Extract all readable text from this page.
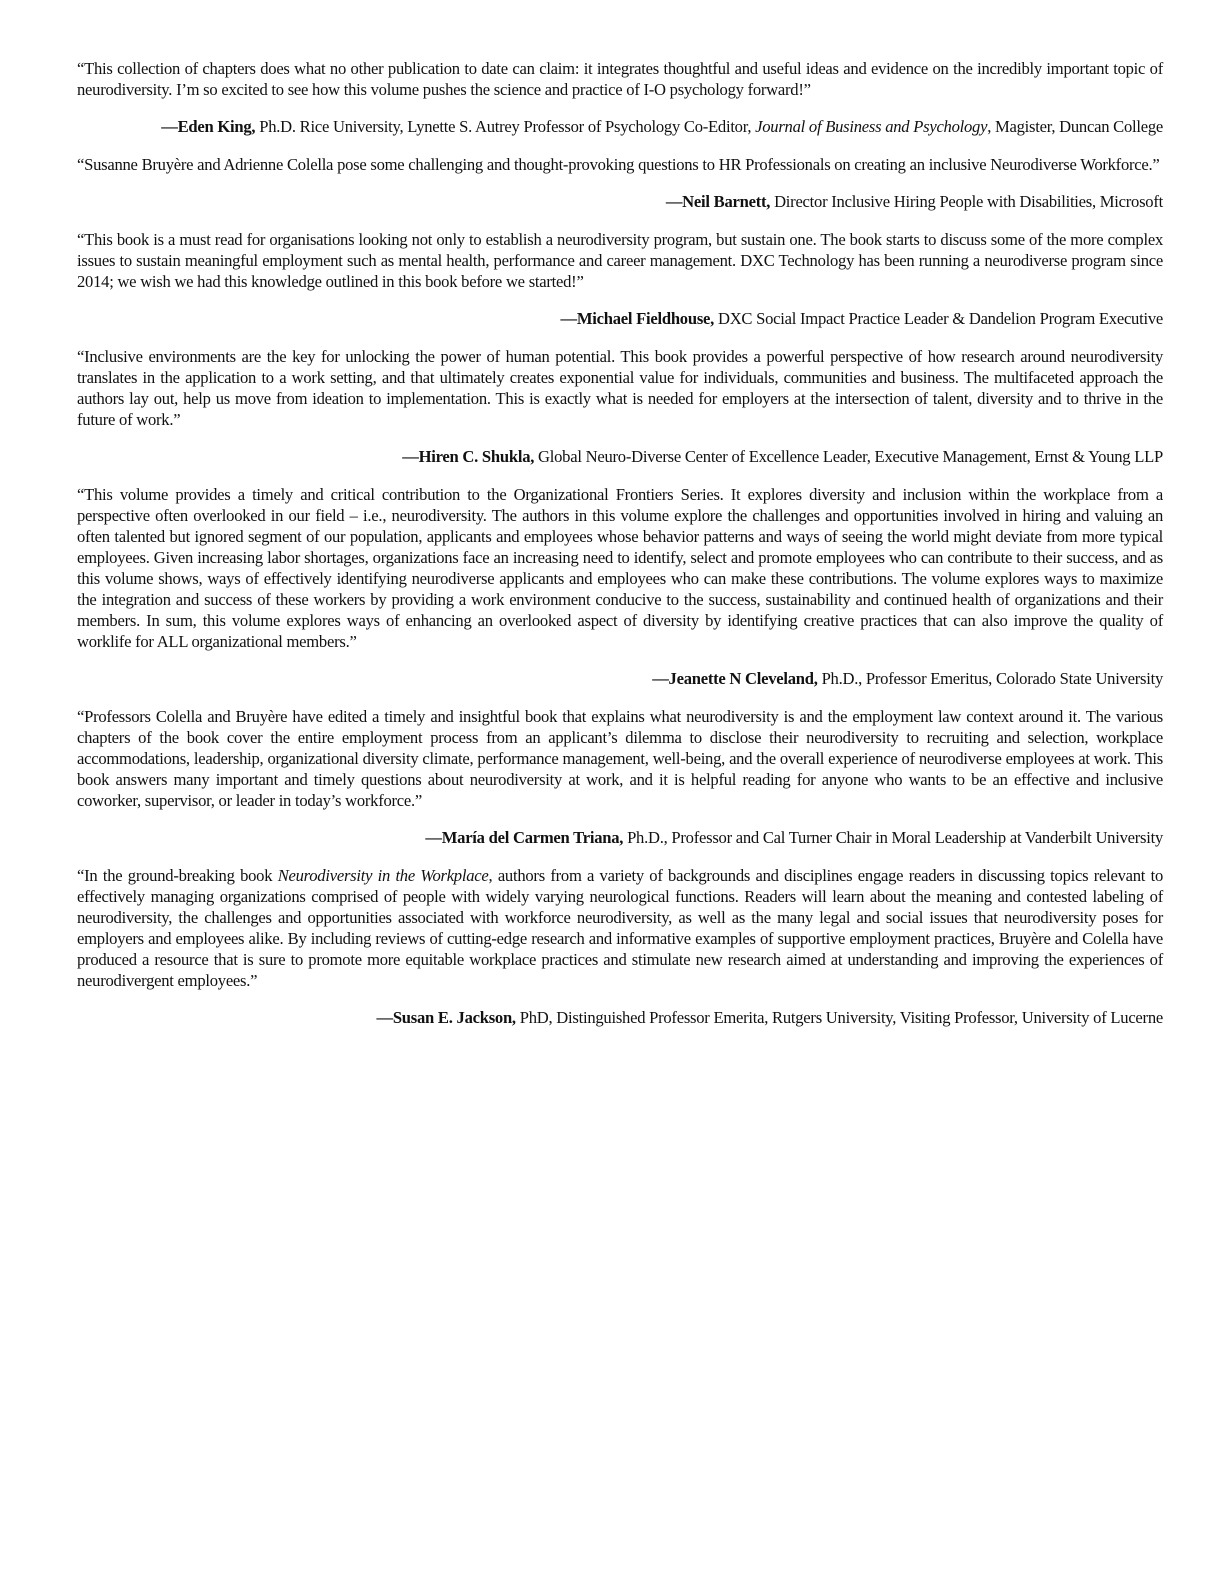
“This collection of chapters does what no other publication to date can claim: it integrates thoughtful and useful ideas and evidence on the incredibly important topic of neurodiversity. I’m so excited to see how this volume pushes the science and practice of I-O psychology forward!”

—Eden King, Ph.D. Rice University, Lynette S. Autrey Professor of Psychology Co-Editor, Journal of Business and Psychology, Magister, Duncan College

“Susanne Bruyère and Adrienne Colella pose some challenging and thought-provoking questions to HR Professionals on creating an inclusive Neurodiverse Workforce.”

—Neil Barnett, Director Inclusive Hiring People with Disabilities, Microsoft

“This book is a must read for organisations looking not only to establish a neurodiversity program, but sustain one. The book starts to discuss some of the more complex issues to sustain meaningful employment such as mental health, performance and career management. DXC Technology has been running a neurodiverse program since 2014; we wish we had this knowledge outlined in this book before we started!”

—Michael Fieldhouse, DXC Social Impact Practice Leader & Dandelion Program Executive

“Inclusive environments are the key for unlocking the power of human potential. This book provides a powerful perspective of how research around neurodiversity translates in the application to a work setting, and that ultimately creates exponential value for individuals, communities and business. The multifaceted approach the authors lay out, help us move from ideation to implementation. This is exactly what is needed for employers at the intersection of talent, diversity and to thrive in the future of work.”

—Hiren C. Shukla, Global Neuro-Diverse Center of Excellence Leader, Executive Management, Ernst & Young LLP

“This volume provides a timely and critical contribution to the Organizational Frontiers Series. It explores diversity and inclusion within the workplace from a perspective often overlooked in our field – i.e., neurodiversity. The authors in this volume explore the challenges and opportunities involved in hiring and valuing an often talented but ignored segment of our population, applicants and employees whose behavior patterns and ways of seeing the world might deviate from more typical employees. Given increasing labor shortages, organizations face an increasing need to identify, select and promote employees who can contribute to their success, and as this volume shows, ways of effectively identifying neurodiverse applicants and employees who can make these contributions. The volume explores ways to maximize the integration and success of these workers by providing a work environment conducive to the success, sustainability and continued health of organizations and their members. In sum, this volume explores ways of enhancing an overlooked aspect of diversity by identifying creative practices that can also improve the quality of worklife for ALL organizational members.”

—Jeanette N Cleveland, Ph.D., Professor Emeritus, Colorado State University

“Professors Colella and Bruyère have edited a timely and insightful book that explains what neurodiversity is and the employment law context around it. The various chapters of the book cover the entire employment process from an applicant’s dilemma to disclose their neurodiversity to recruiting and selection, workplace accommodations, leadership, organizational diversity climate, performance management, well-being, and the overall experience of neurodiverse employees at work. This book answers many important and timely questions about neurodiversity at work, and it is helpful reading for anyone who wants to be an effective and inclusive coworker, supervisor, or leader in today’s workforce.”

—María del Carmen Triana, Ph.D., Professor and Cal Turner Chair in Moral Leadership at Vanderbilt University

“In the ground-breaking book Neurodiversity in the Workplace, authors from a variety of backgrounds and disciplines engage readers in discussing topics relevant to effectively managing organizations comprised of people with widely varying neurological functions. Readers will learn about the meaning and contested labeling of neurodiversity, the challenges and opportunities associated with workforce neurodiversity, as well as the many legal and social issues that neurodiversity poses for employers and employees alike. By including reviews of cutting-edge research and informative examples of supportive employment practices, Bruyère and Colella have produced a resource that is sure to promote more equitable workplace practices and stimulate new research aimed at understanding and improving the experiences of neurodivergent employees.”

—Susan E. Jackson, PhD, Distinguished Professor Emerita, Rutgers University, Visiting Professor, University of Lucerne
